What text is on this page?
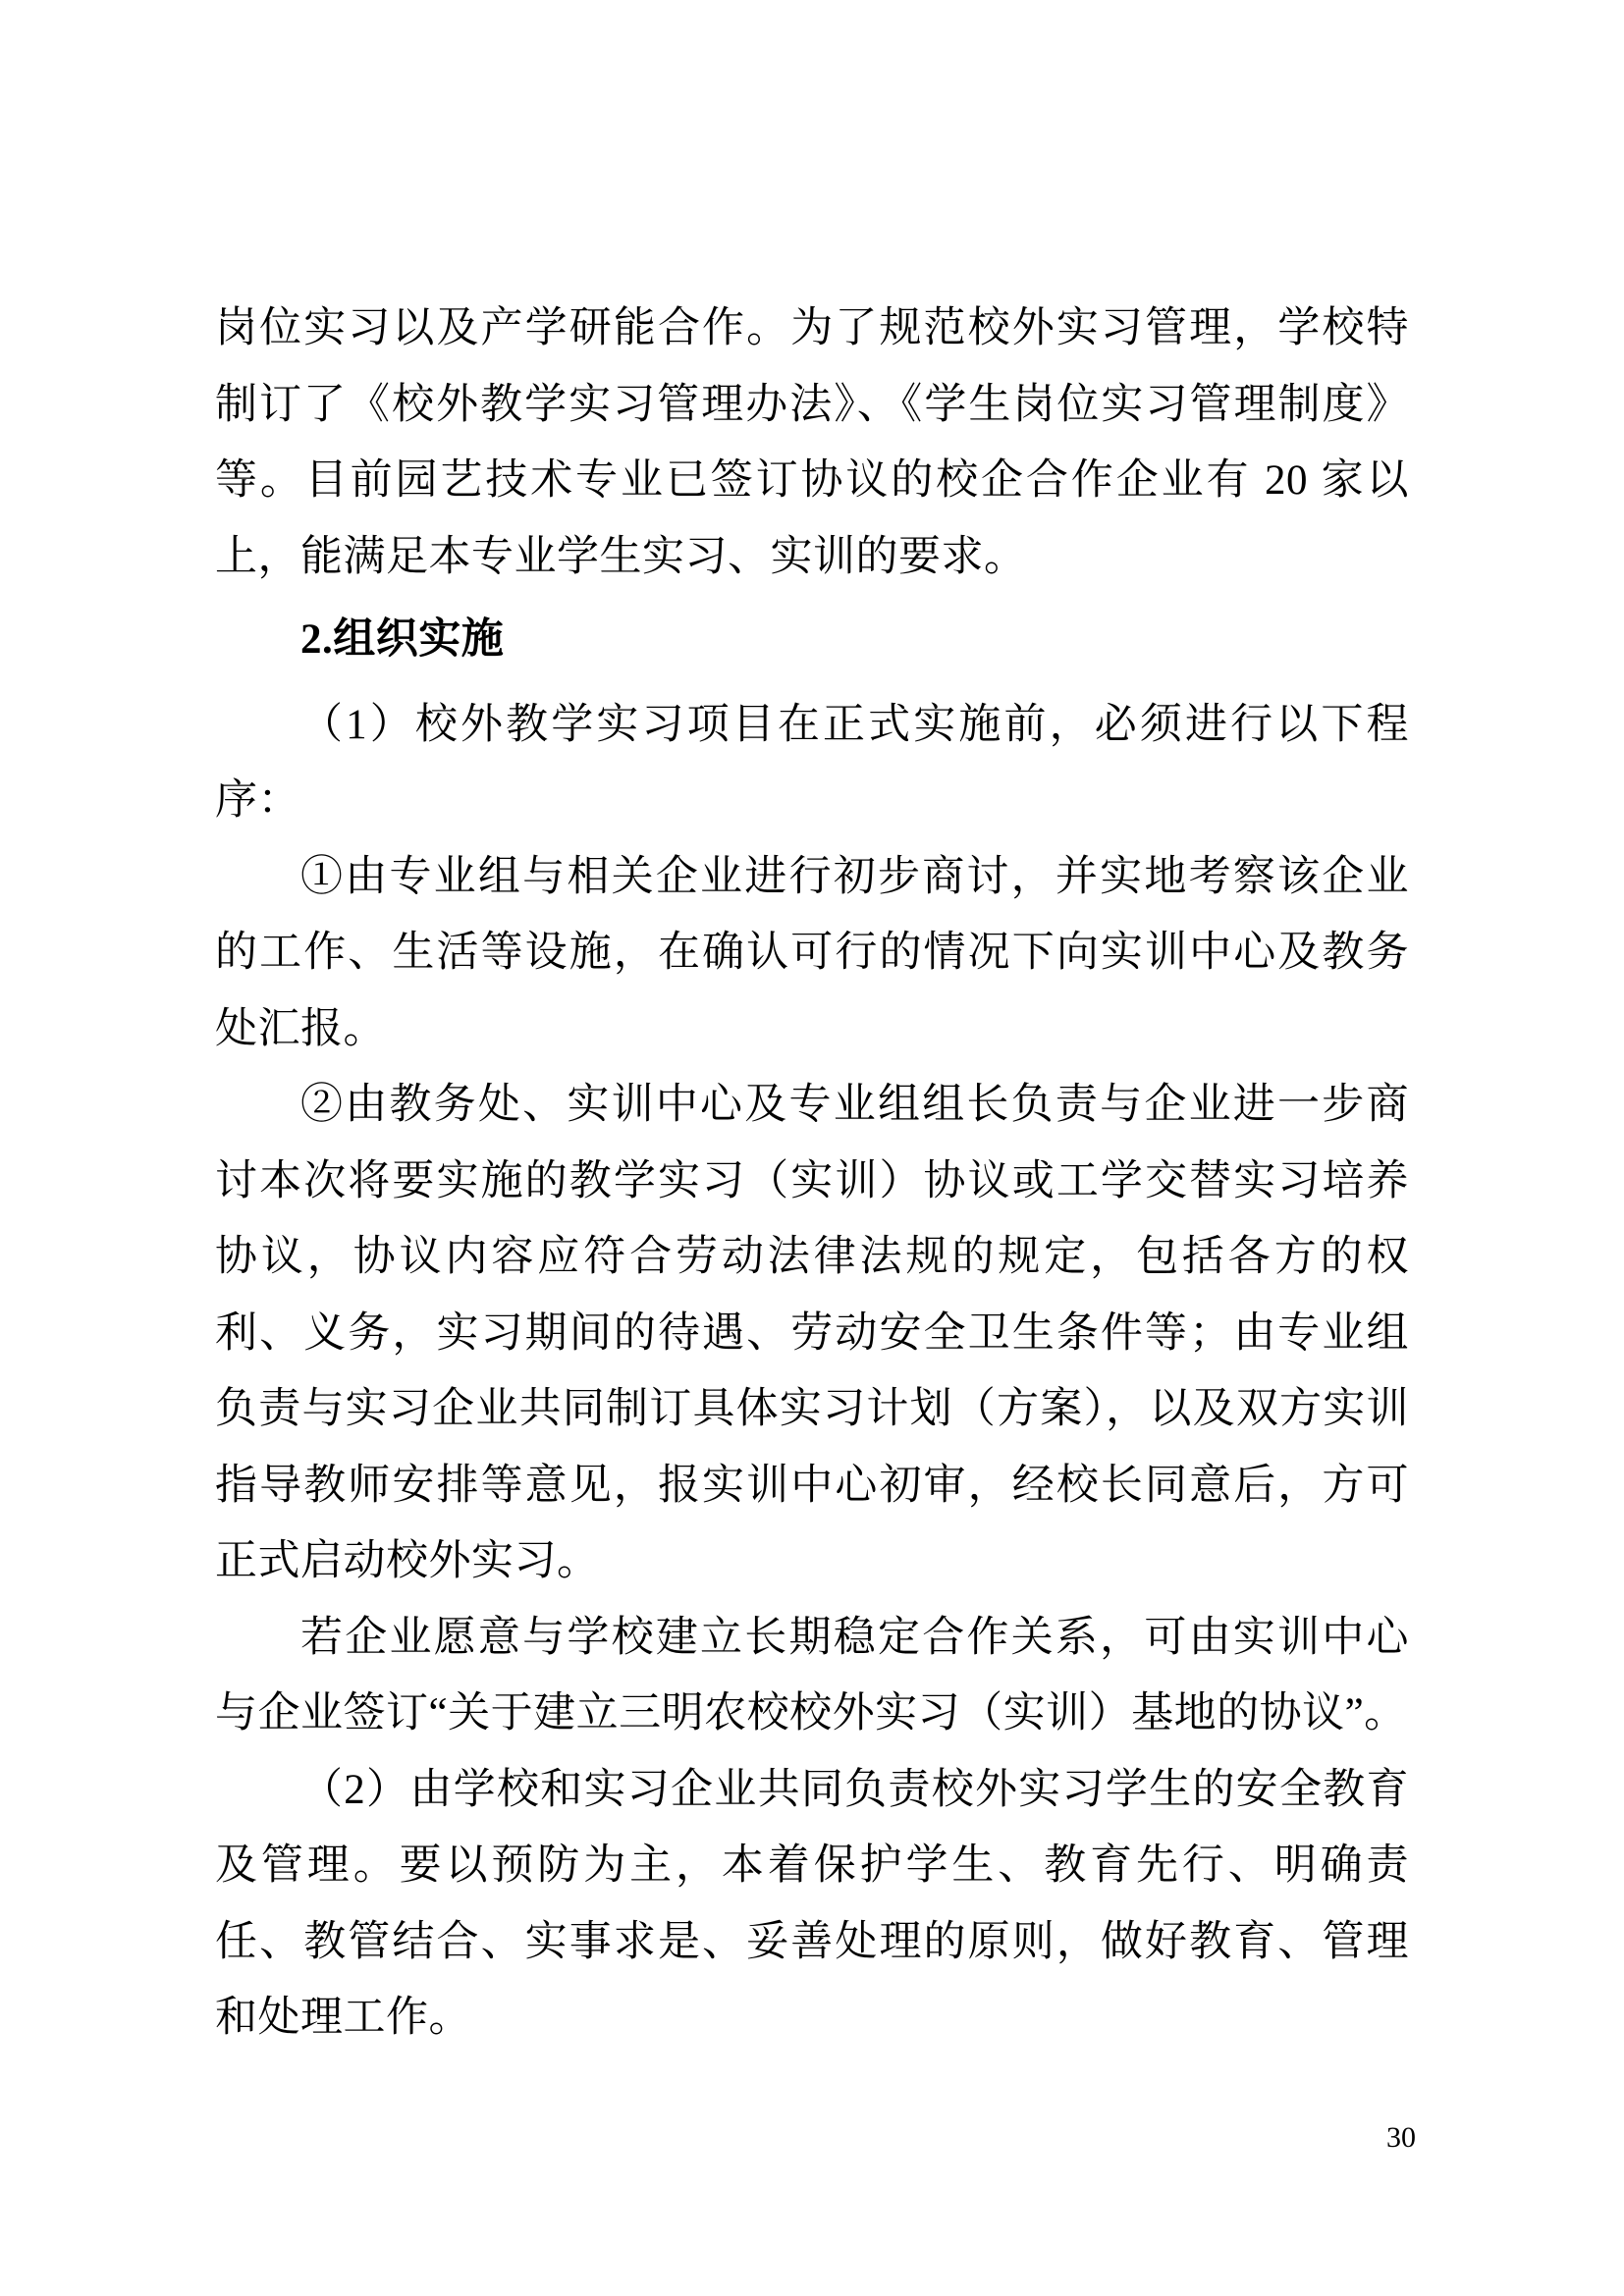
岗位实习以及产学研能合作。为了规范校外实习管理，学校特制订了《校外教学实习管理办法》、《学生岗位实习管理制度》等。目前园艺技术专业已签订协议的校企合作企业有 20 家以上，能满足本专业学生实习、实训的要求。

2.组织实施

（1）校外教学实习项目在正式实施前，必须进行以下程序：

①由专业组与相关企业进行初步商讨，并实地考察该企业的工作、生活等设施，在确认可行的情况下向实训中心及教务处汇报。

②由教务处、实训中心及专业组组长负责与企业进一步商讨本次将要实施的教学实习（实训）协议或工学交替实习培养协议，协议内容应符合劳动法律法规的规定，包括各方的权利、义务，实习期间的待遇、劳动安全卫生条件等；由专业组负责与实习企业共同制订具体实习计划（方案），以及双方实训指导教师安排等意见，报实训中心初审，经校长同意后，方可正式启动校外实习。

若企业愿意与学校建立长期稳定合作关系，可由实训中心与企业签订“关于建立三明农校校外实习（实训）基地的协议”。

（2）由学校和实习企业共同负责校外实习学生的安全教育及管理。要以预防为主，本着保护学生、教育先行、明确责任、教管结合、实事求是、妥善处理的原则，做好教育、管理和处理工作。

30
